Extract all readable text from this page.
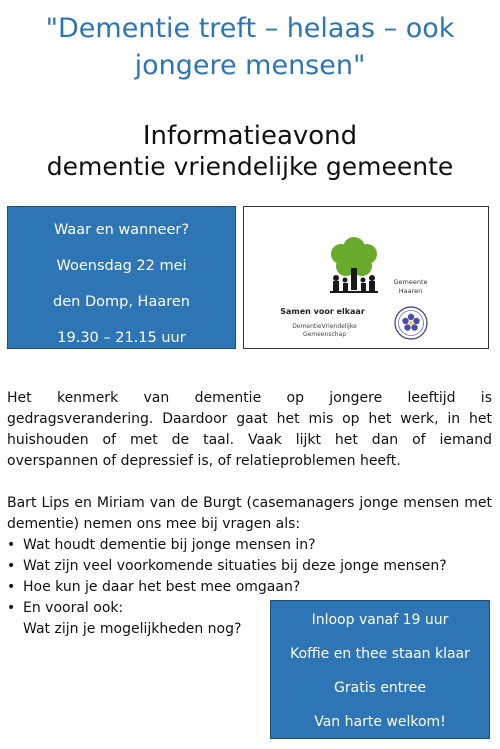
"Dementie treft – helaas – ook
jongere mensen"
Informatieavond
dementie vriendelijke gemeente
Waar en wanneer?
Woensdag 22 mei
den Domp, Haaren
19.30 – 21.15 uur
Samen voor elkaar
DementieVriendelijke
Gemeenschap
Gemeente
Haaren
Het kenmerk van dementie op jongere leeftijd is gedragsverandering. Daardoor gaat het mis op het werk, in het huishouden of met de taal. Vaak lijkt het dan of iemand overspannen of depressief is, of relatieproblemen heeft.
Bart Lips en Miriam van de Burgt (casemanagers jonge mensen met dementie) nemen ons mee bij vragen als:
• Wat houdt dementie bij jonge mensen in?
• Wat zijn veel voorkomende situaties bij deze jonge mensen?
• Hoe kun je daar het best mee omgaan?
• En vooral ook:
Wat zijn je mogelijkheden nog?
Inloop vanaf 19 uur
Koffie en thee staan klaar
Gratis entree
Van harte welkom!
